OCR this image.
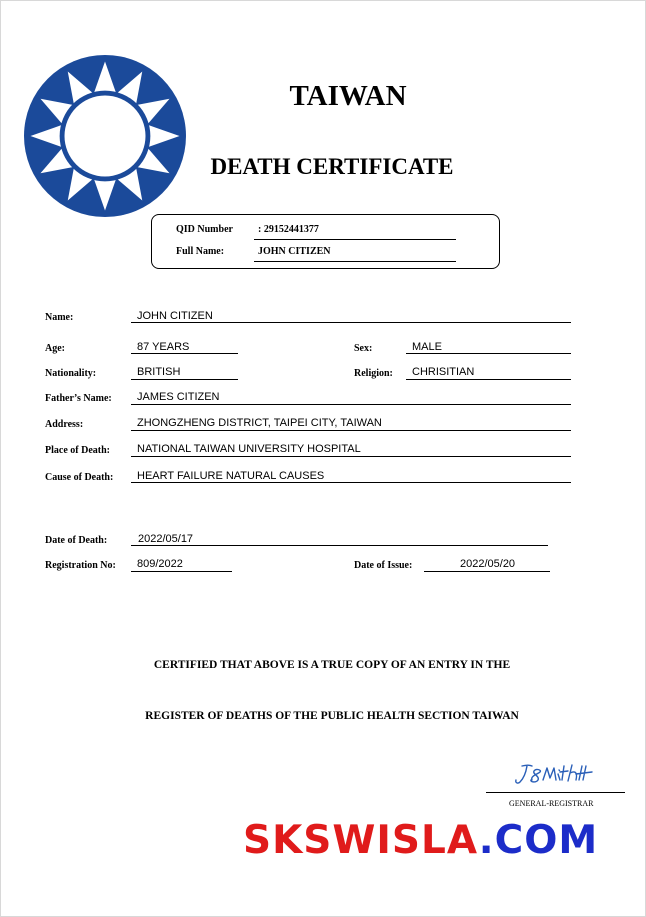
TAIWAN
DEATH CERTIFICATE
QID Number	: 29152441377
Full Name:	JOHN CITIZEN
Name:	JOHN CITIZEN
Age:	87 YEARS	Sex:	MALE
Nationality:	BRITISH	Religion: CHRISITIAN
Father’s Name: JAMES CITIZEN
Address:	ZHONGZHENG DISTRICT, TAIPEI CITY, TAIWAN
Place of Death: NATIONAL TAIWAN UNIVERSITY HOSPITAL
Cause of Death: HEART FAILURE NATURAL CAUSES
Date of Death:	2022/05/17
Registration No: 809/2022	Date of Issue:	2022/05/20
CERTIFIED THAT ABOVE IS A TRUE COPY OF AN ENTRY IN THE
REGISTER OF DEATHS OF THE PUBLIC HEALTH SECTION TAIWAN
GENERAL-REGISTRAR
SKSWISLA.COM
